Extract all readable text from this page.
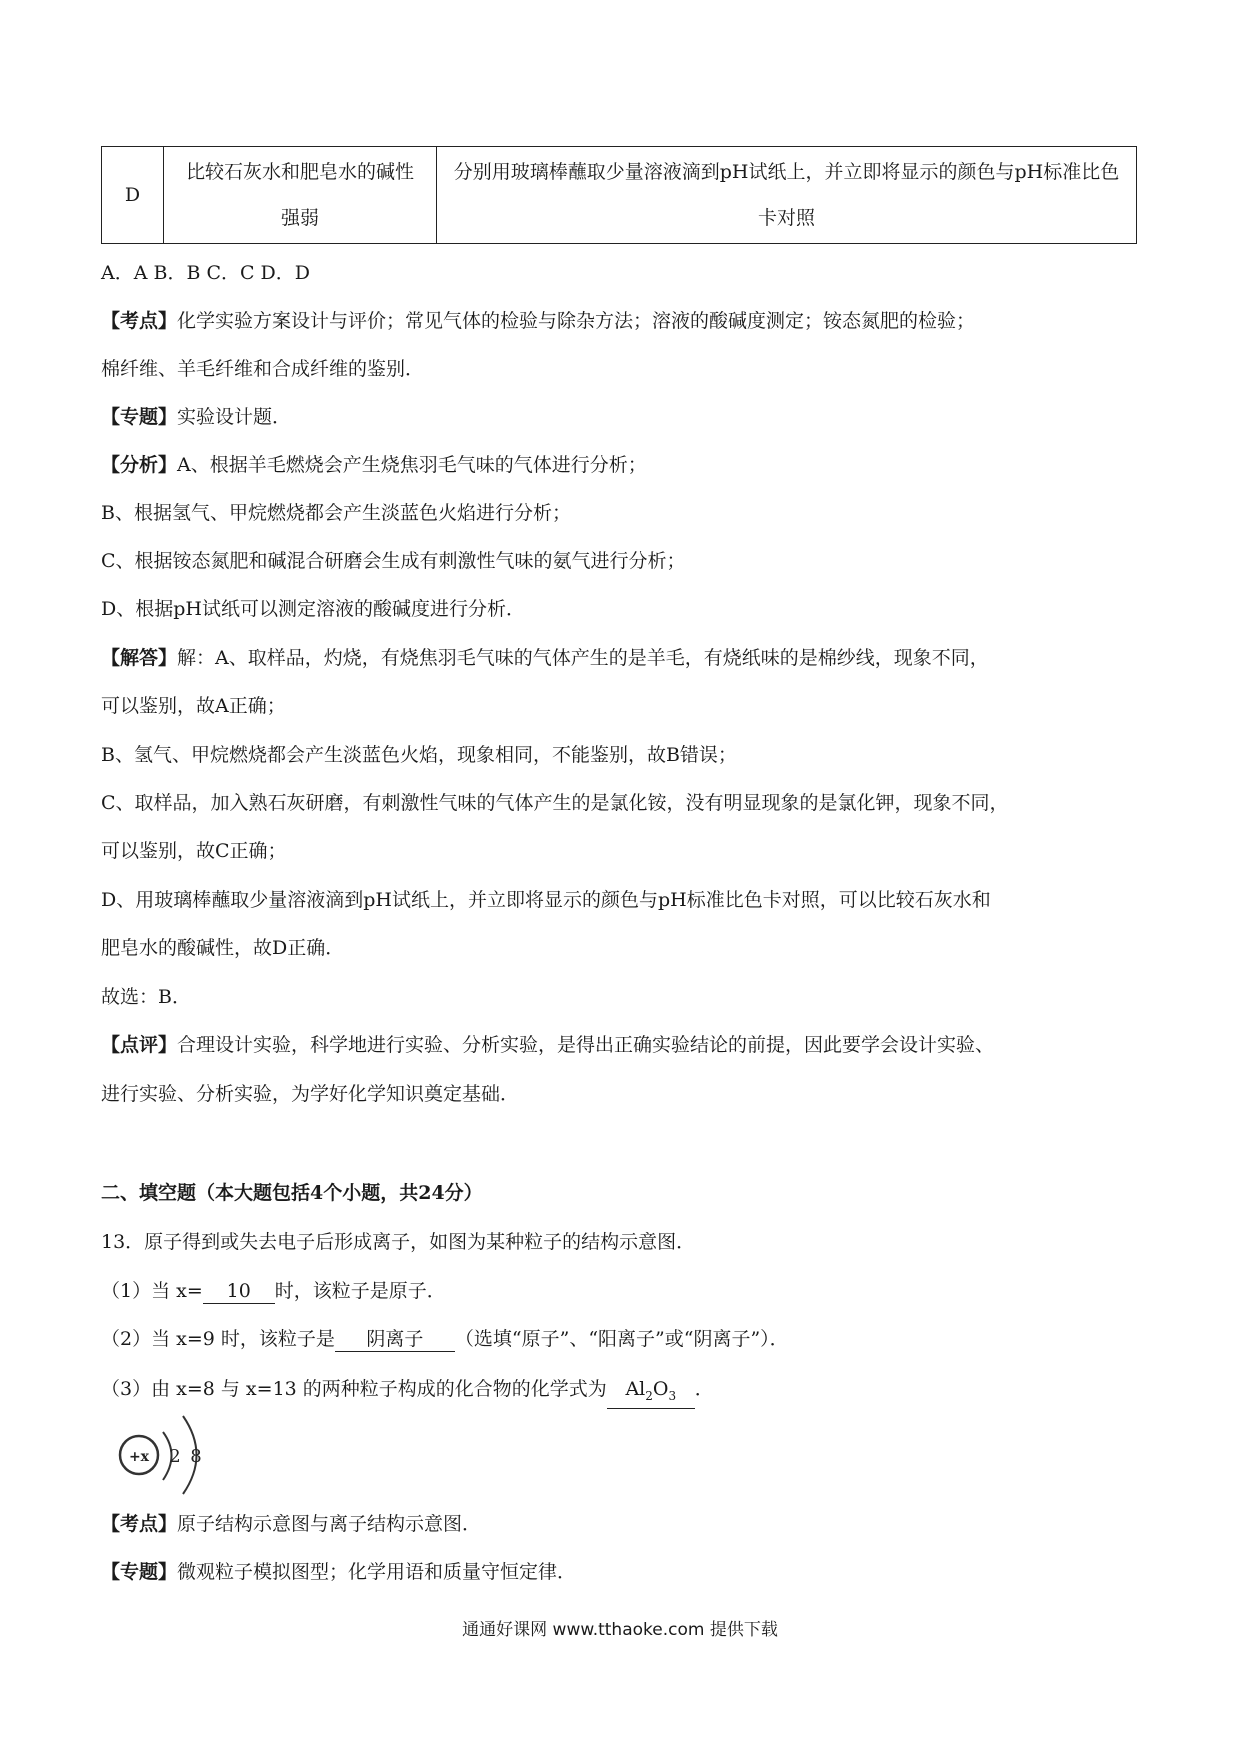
D	比较石灰水和肥皂水的碱性强弱	分别用玻璃棒蘸取少量溶液滴到pH试纸上，并立即将显示的颜色与pH标准比色卡对照
A．A B．B C．C D．D
【考点】化学实验方案设计与评价；常见气体的检验与除杂方法；溶液的酸碱度测定；铵态氮肥的检验；
棉纤维、羊毛纤维和合成纤维的鉴别．
【专题】实验设计题．
【分析】A、根据羊毛燃烧会产生烧焦羽毛气味的气体进行分析；
B、根据氢气、甲烷燃烧都会产生淡蓝色火焰进行分析；
C、根据铵态氮肥和碱混合研磨会生成有刺激性气味的氨气进行分析；
D、根据pH试纸可以测定溶液的酸碱度进行分析．
【解答】解：A、取样品，灼烧，有烧焦羽毛气味的气体产生的是羊毛，有烧纸味的是棉纱线，现象不同，
可以鉴别，故A正确；
B、氢气、甲烷燃烧都会产生淡蓝色火焰，现象相同，不能鉴别，故B错误；
C、取样品，加入熟石灰研磨，有刺激性气味的气体产生的是氯化铵，没有明显现象的是氯化钾，现象不同，
可以鉴别，故C正确；
D、用玻璃棒蘸取少量溶液滴到pH试纸上，并立即将显示的颜色与pH标准比色卡对照，可以比较石灰水和
肥皂水的酸碱性，故D正确．
故选：B．
【点评】合理设计实验，科学地进行实验、分析实验，是得出正确实验结论的前提，因此要学会设计实验、
进行实验、分析实验，为学好化学知识奠定基础．
二、填空题（本大题包括4个小题，共24分）
13．原子得到或失去电子后形成离子，如图为某种粒子的结构示意图．
（1）当 x= 10 时，该粒子是原子．
（2）当 x=9 时，该粒子是 阴离子 （选填“原子”、“阳离子”或“阴离子”）．
（3）由 x=8 与 x=13 的两种粒子构成的化合物的化学式为 $Al_2O_3$ ．
+x 2 8
【考点】原子结构示意图与离子结构示意图．
【专题】微观粒子模拟图型；化学用语和质量守恒定律．
通通好课网 www.tthaoke.com 提供下载
